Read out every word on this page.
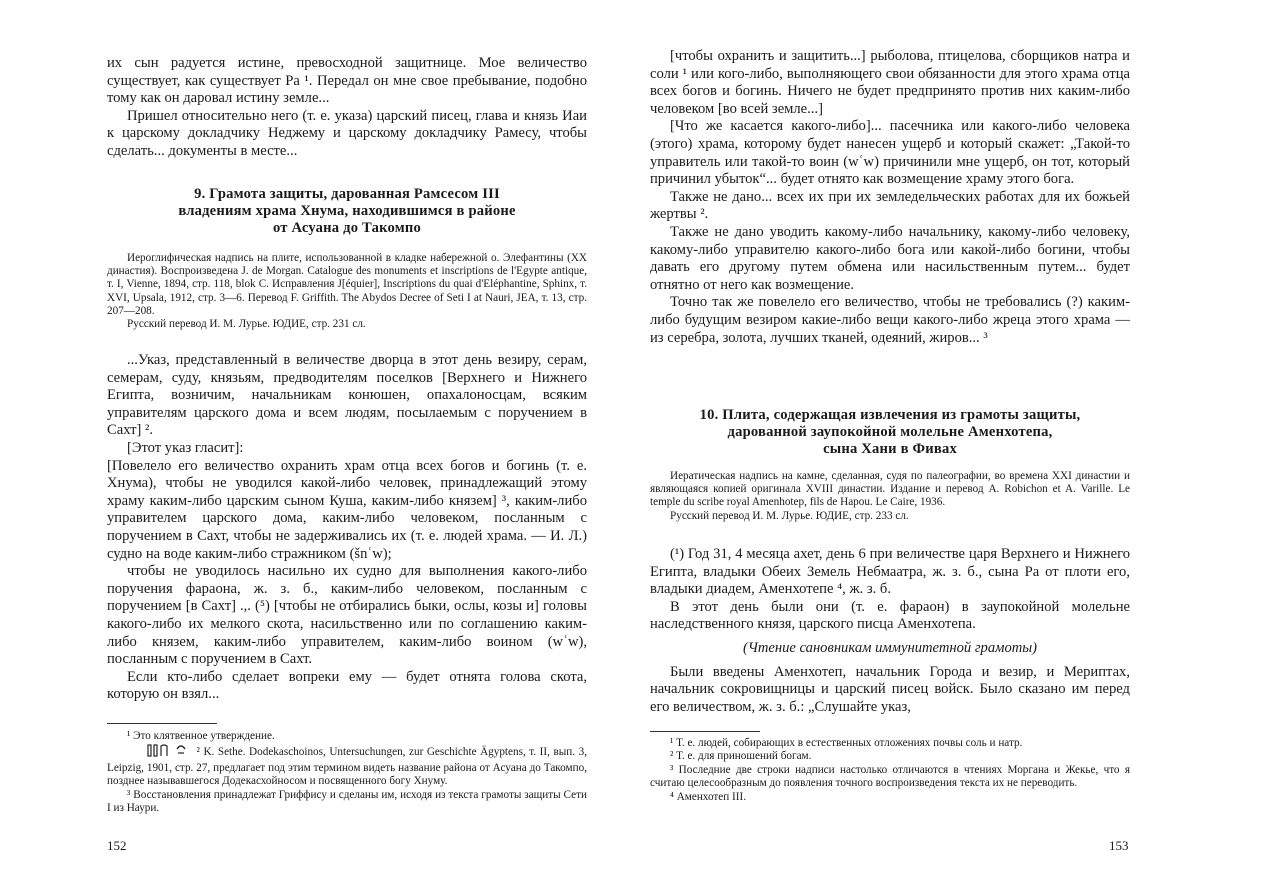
их сын радуется истине, превосходной защитнице. Мое величество существует, как существует Ра ¹. Передал он мне свое пребывание, подобно тому как он даровал истину земле...

Пришел относительно него (т. е. указа) царский писец, глава и князь Иаи к царскому докладчику Неджему и царскому докладчику Рамесу, чтобы сделать... документы в месте...

9. Грамота защиты, дарованная Рамсесом III

владениям храма Хнума, находившимся в районе

от Асуана до Такомпо

Иероглифическая надпись на плите, использованной в кладке набережной о. Элефантины (XX династия). Воспроизведена J. de Morgan. Catalogue des monuments et inscriptions de l'Egypte antique, т. I, Vienne, 1894, стр. 118, blok C. Исправления J[équier], Inscriptions du quai d'Eléphantine, Sphinx, т. XVI, Upsala, 1912, стр. 3—6. Перевод F. Griffith. The Abydos Decree of Seti I at Nauri, JEA, т. 13, стр. 207—208.

Русский перевод И. М. Лурье. ЮДИЕ, стр. 231 сл.

...Указ, представленный в величестве дворца в этот день везиру, серам, семерам, суду, князьям, предводителям поселков [Верхнего и Нижнего Египта, возничим, начальникам конюшен, опахалоносцам, всяким управителям царского дома и всем людям, посылаемым с поручением в Сахт] ².

[Этот указ гласит]:

[Повелело его величество охранить храм отца всех богов и богинь (т. е. Хнума), чтобы не уводился какой-либо человек, принадлежащий этому храму каким-либо царским сыном Куша, каким-либо князем] ³, каким-либо управителем царского дома, каким-либо человеком, посланным с поручением в Сахт, чтобы не задерживались их (т. е. людей храма. — И. Л.) судно на воде каким-либо стражником (šnʿw);

чтобы не уводилось насильно их судно для выполнения какого-либо поручения фараона, ж. з. б., каким-либо человеком, посланным с поручением [в Сахт] .,. (⁵) [чтобы не отбирались быки, ослы, козы и] головы какого-либо их мелкого скота, насильственно или по соглашению каким-либо князем, каким-либо управителем, каким-либо воином (wʿw), посланным с поручением в Сахт.

Если кто-либо сделает вопреки ему — будет отнята голова скота, которую он взял...

¹ Это клятвенное утверждение.

² K. Sethe. Dodekaschoinos, Untersuchungen, zur Geschichte Ägyptens, т. II, вып. 3, Leipzig, 1901, стр. 27, предлагает под этим термином видеть название района от Асуана до Такомпо, позднее называвшегося Додекасхойносом и посвященного богу Хнуму.

³ Восстановления принадлежат Гриффису и сделаны им, исходя из текста грамоты защиты Сети I из Наури.

152

[чтобы охранить и защитить...] рыболова, птицелова, сборщиков натра и соли ¹ или кого-либо, выполняющего свои обязанности для этого храма отца всех богов и богинь. Ничего не будет предпринято против них каким-либо человеком [во всей земле...]

[Что же касается какого-либо]... пасечника или какого-либо человека (этого) храма, которому будет нанесен ущерб и который скажет: „Такой-то управитель или такой-то воин (wʿw) причинили мне ущерб, он тот, который причинил убыток“... будет отнято как возмещение храму этого бога.

Также не дано... всех их при их земледельческих работах для их божьей жертвы ².

Также не дано уводить какому-либо начальнику, какому-либо человеку, какому-либо управителю какого-либо бога или какой-либо богини, чтобы давать его другому путем обмена или насильственным путем... будет отнятно от него как возмещение.

Точно так же повелело его величество, чтобы не требовались (?) каким-либо будущим везиром какие-либо вещи какого-либо жреца этого храма — из серебра, золота, лучших тканей, одеяний, жиров... ³

10. Плита, содержащая извлечения из грамоты защиты,

дарованной заупокойной молельне Аменхотепа,

сына Хани в Фивах

Иератическая надпись на камне, сделанная, судя по палеографии, во времена XXI династии и являющаяся копией оригинала XVIII династии. Издание и перевод A. Robichon et A. Varille. Le temple du scribe royal Amenhotep, fils de Hapou. Le Caire, 1936.

Русский перевод И. М. Лурье. ЮДИЕ, стр. 233 сл.

(¹) Год 31, 4 месяца ахет, день 6 при величестве царя Верхнего и Нижнего Египта, владыки Обеих Земель Небмаатра, ж. з. б., сына Ра от плоти его, владыки диадем, Аменхотепе ⁴, ж. з. б.

В этот день были они (т. е. фараон) в заупокойной молельне наследственного князя, царского писца Аменхотепа.

(Чтение сановникам иммунитетной грамоты)

Были введены Аменхотеп, начальник Города и везир, и Мериптах, начальник сокровищницы и царский писец войск. Было сказано им перед его величеством, ж. з. б.: „Слушайте указ,

¹ Т. е. людей, собирающих в естественных отложениях почвы соль и натр.

² Т. е. для приношений богам.

³ Последние две строки надписи настолько отличаются в чтениях Моргана и Жекье, что я считаю целесообразным до появления точного воспроизведения текста их не переводить.

⁴ Аменхотеп III.

153
